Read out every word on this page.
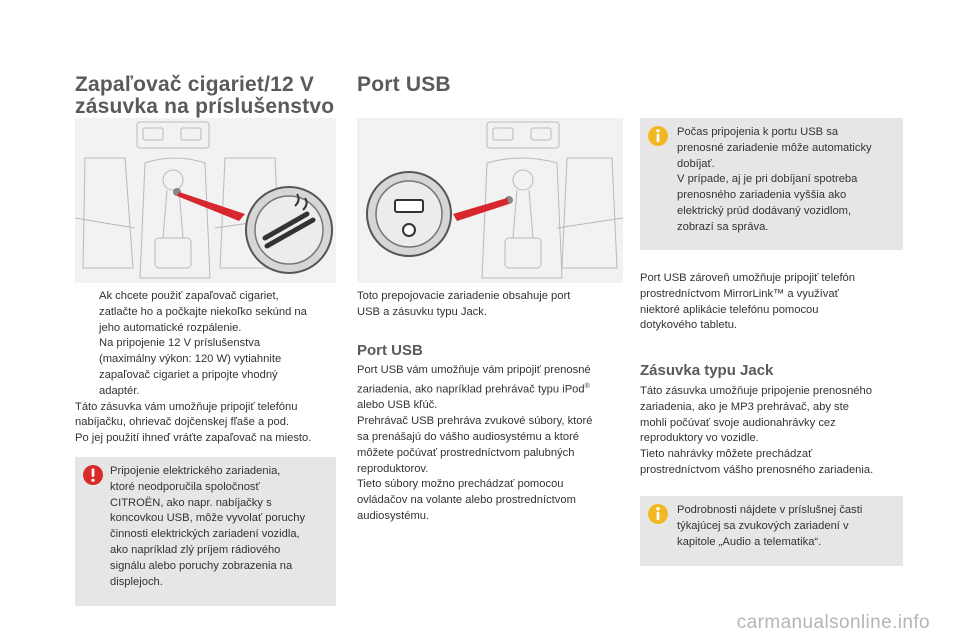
Zapaľovač cigariet/12 V
zásuvka na príslušenstvo
Ak chcete použiť zapaľovač cigariet,
zatlačte ho a počkajte niekoľko sekúnd na
jeho automatické rozpálenie.
Na pripojenie 12 V príslušenstva
(maximálny výkon: 120 W) vytiahnite
zapaľovač cigariet a pripojte vhodný
adaptér.

Táto zásuvka vám umožňuje pripojiť telefónu

nabíjačku, ohrievač dojčenskej fľaše a pod.

Po jej použití ihneď vráťte zapaľovač na miesto.

Pripojenie elektrického zariadenia,

ktoré neodporučila spoločnosť

CITROËN, ako napr. nabíjačky s

koncovkou USB, môže vyvolať poruchy

činnosti elektrických zariadení vozidla,

ako napríklad zlý príjem rádiového

signálu alebo poruchy zobrazenia na

displejoch.

Port USB

Toto prepojovacie zariadenie obsahuje port

USB a zásuvku typu Jack.

Port USB

Port USB vám umožňuje vám pripojiť prenosné

zariadenia, ako napríklad prehrávač typu iPod®

alebo USB kľúč.

Prehrávač USB prehráva zvukové súbory, ktoré

sa prenášajú do vášho audiosystému a ktoré

môžete počúvať prostredníctvom palubných

reproduktorov.

Tieto súbory možno prechádzať pomocou

ovládačov na volante alebo prostredníctvom

audiosystému.

Počas pripojenia k portu USB sa

prenosné zariadenie môže automaticky

dobíjať.

V prípade, aj je pri dobíjaní spotreba

prenosného zariadenia vyššia ako

elektrický prúd dodávaný vozidlom,

zobrazí sa správa.

Port USB zároveň umožňuje pripojiť telefón

prostredníctvom MirrorLink™ a využívať

niektoré aplikácie telefónu pomocou

dotykového tabletu.

Zásuvka typu Jack

Táto zásuvka umožňuje pripojenie prenosného

zariadenia, ako je MP3 prehrávač, aby ste

mohli počúvať svoje audionahrávky cez

reproduktory vo vozidle.

Tieto nahrávky môžete prechádzať

prostredníctvom vášho prenosného zariadenia.

Podrobnosti nájdete v príslušnej časti

týkajúcej sa zvukových zariadení v

kapitole „Audio a telematika“.

carmanualsonline.info
